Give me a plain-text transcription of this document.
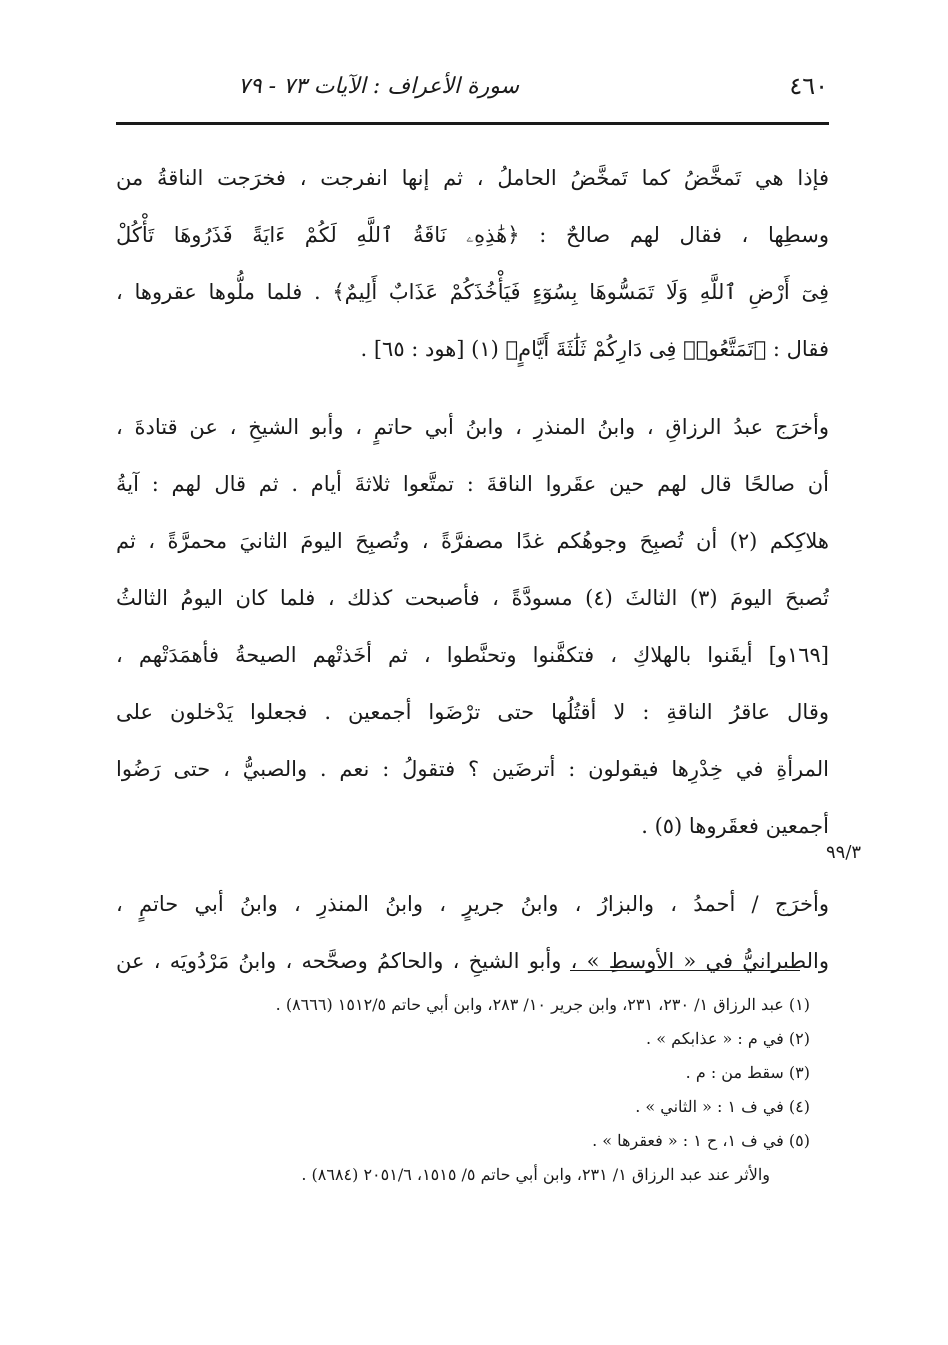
٤٦٠
سورة الأعراف : الآيات ٧٣ - ٧٩
فإذا هي تَمخَّضُ كما تَمخَّضُ الحاملُ ، ثم إنها انفرجت ، فخرَجت الناقةُ من
وسطِها ، فقال لهم صالحٌ : ﴿هَٰذِهِۦ نَاقَةُ ٱللَّهِ لَكُمْ ءَايَةً فَذَرُوهَا تَأْكُلْ
فِىٓ أَرْضِ ٱللَّهِ وَلَا تَمَسُّوهَا بِسُوٓءٍ فَيَأْخُذَكُمْ عَذَابٌ أَلِيمٌ﴾ . فلما ملُّوها عقروها ،
فقال : ﴿تَمَتَّعُوا۟ فِى دَارِكُمْ ثَلَٰثَةَ أَيَّامٍ﴾ (١) [هود : ٦٥] .
وأخرَج عبدُ الرزاقِ ، وابنُ المنذرِ ، وابنُ أبي حاتمٍ ، وأبو الشيخِ ، عن قتادةَ ،
أن صالحًا قال لهم حين عقَروا الناقةَ : تمتَّعوا ثلاثةَ أيام . ثم قال لهم : آيةُ
هلاكِكم (٢) أن تُصبِحَ وجوهُكم غدًا مصفرَّةً ، وتُصبِحَ اليومَ الثانيَ محمرَّةً ، ثم
تُصبحَ اليومَ (٣) الثالثَ (٤) مسودَّةً ، فأصبحت كذلك ، فلما كان اليومُ الثالثُ
[١٦٩و] أيقَنوا بالهلاكِ ، فتكفَّنوا وتحنَّطوا ، ثم أخَذتْهم الصيحةُ فأهمَدَتْهم ،
وقال عاقرُ الناقةِ : لا أقتُلُها حتى ترْضَوا أجمعين . فجعلوا يَدْخلون على
المرأةِ في خِدْرِها فيقولون : أترضَين ؟ فتقولُ : نعم . والصبيُّ ، حتى رَضُوا
أجمعين فعقَروها (٥) .
وأخرَج / أحمدُ ، والبزارُ ، وابنُ جريرٍ ، وابنُ المنذرِ ، وابنُ أبي حاتمٍ ،
والطبرانيُّ في « الأوسطِ » ، وأبو الشيخِ ، والحاكمُ وصحَّحه ، وابنُ مَرْدُويَه ، عن
٩٩/٣
(١) عبد الرزاق ١/ ٢٣٠، ٢٣١، وابن جرير ١٠/ ٢٨٣، وابن أبي حاتم ١٥١٢/٥ (٨٦٦٦) .
(٢) في م : « عذابكم » .
(٣) سقط من : م .
(٤) في ف ١ : « الثاني » .
(٥) في ف ١، ح ١ : « فعقرها » .
والأثر عند عبد الرزاق ١/ ٢٣١، وابن أبي حاتم ٥/ ١٥١٥، ٢٠٥١/٦ (٨٦٨٤) .
